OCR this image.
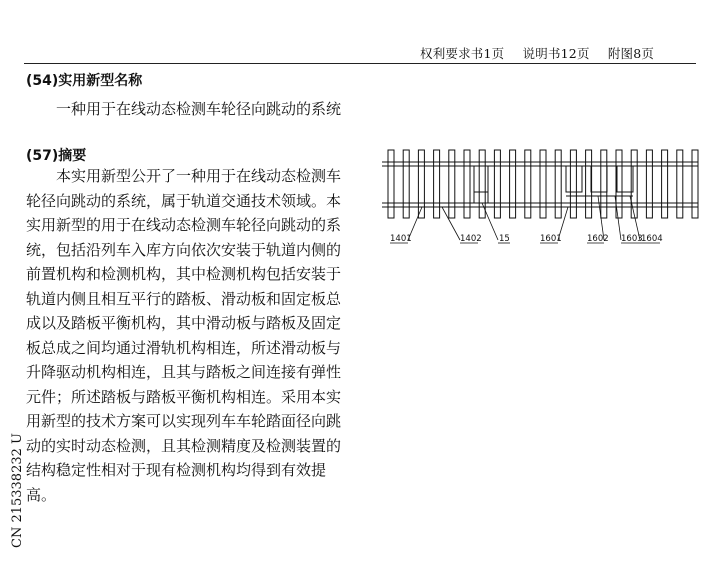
权利要求书1页 说明书12页 附图8页
(54)实用新型名称
一种用于在线动态检测车轮径向跳动的系统
(57)摘要
本实用新型公开了一种用于在线动态检测车轮径向跳动的系统，属于轨道交通技术领域。本实用新型的用于在线动态检测车轮径向跳动的系统，包括沿列车入库方向依次安装于轨道内侧的前置机构和检测机构，其中检测机构包括安装于轨道内侧且相互平行的踏板、滑动板和固定板总成以及踏板平衡机构，其中滑动板与踏板及固定板总成之间均通过滑轨机构相连，所述滑动板与升降驱动机构相连，且其与踏板之间连接有弹性元件；所述踏板与踏板平衡机构相连。采用本实用新型的技术方案可以实现列车车轮踏面径向跳动的实时动态检测，且其检测精度及检测装置的结构稳定性相对于现有检测机构均得到有效提高。
CN 215338232 U
1401	1402 15	1601	1602 1603
1604
